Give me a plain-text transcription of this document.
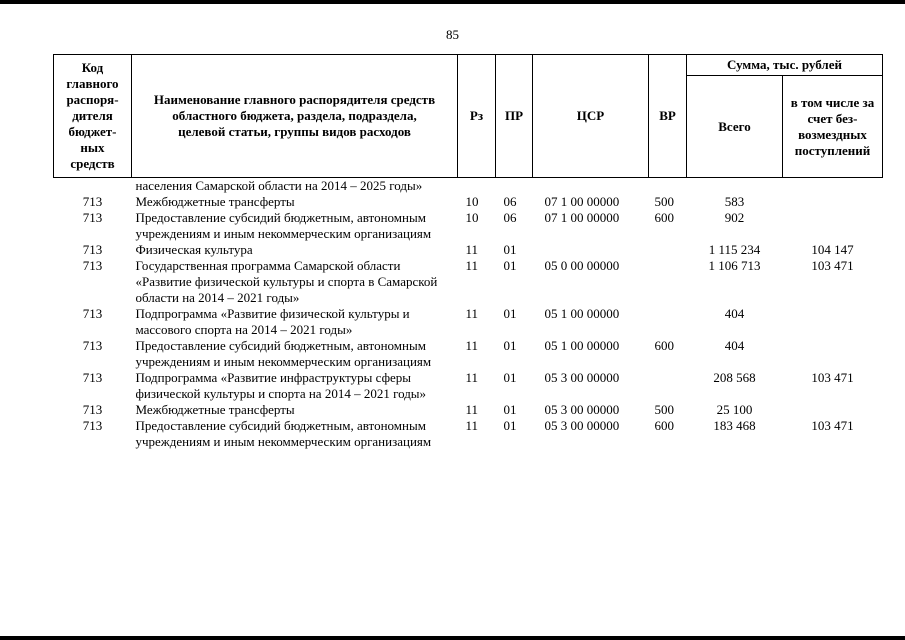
85
Код главного распоря-дителя бюджет-ных средств	Наименование главного распорядителя средств областного бюджета, раздела, подраздела, целевой статьи, группы видов расходов	Рз	ПР	ЦСР	ВР	Сумма, тыс. рублей	
						Всего	в том числе за счет без-возмездных поступлений

	населения Самарской области на 2014 – 2025 годы»						
713	Межбюджетные трансферты	10	06	07 1 00 00000	500	583	
713	Предоставление субсидий бюджетным, автономным учреждениям и иным некоммерческим организациям	10	06	07 1 00 00000	600	902	
713	Физическая культура	11	01			1 115 234	104 147
713	Государственная программа Самарской области «Развитие физической культуры и спорта в Самарской области на 2014 – 2021 годы»	11	01	05 0 00 00000		1 106 713	103 471
713	Подпрограмма «Развитие физической культуры и массового спорта на 2014 – 2021 годы»	11	01	05 1 00 00000		404	
713	Предоставление субсидий бюджетным, автономным учреждениям и иным некоммерческим организациям	11	01	05 1 00 00000	600	404	
713	Подпрограмма «Развитие инфраструктуры сферы физической культуры и спорта на 2014 – 2021 годы»	11	01	05 3 00 00000		208 568	103 471
713	Межбюджетные трансферты	11	01	05 3 00 00000	500	25 100	
713	Предоставление субсидий бюджетным, автономным учреждениям и иным некоммерческим организациям	11	01	05 3 00 00000	600	183 468	103 471
